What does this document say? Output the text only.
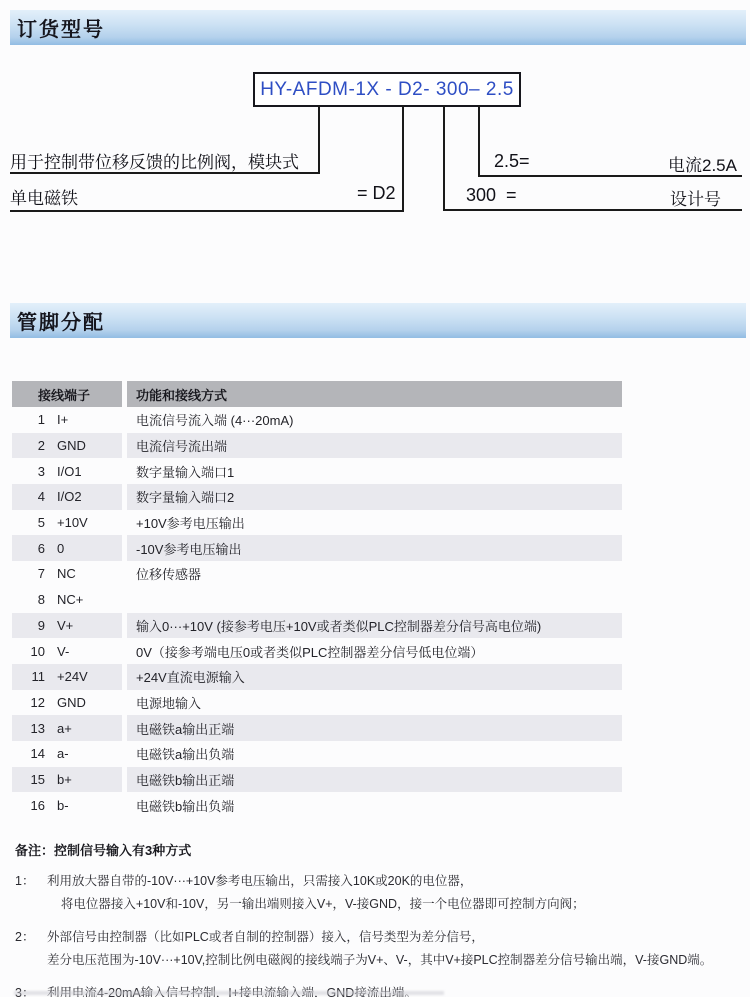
订货型号
HY-AFDM-1X - D2- 300– 2.5
用于控制带位移反馈的比例阀，模块式
单电磁铁	= D2
2.5=	电流2.5A
300  =	设计号
管脚分配
接线端子	功能和接线方式
1 I+	电流信号流入端 (4···20mA)
2 GND	电流信号流出端
3 I/O1	数字量输入端口1
4 I/O2	数字量输入端口2
5 +10V	+10V参考电压输出
6 0	-10V参考电压输出
7 NC	位移传感器
8 NC+
9 V+	输入0···+10V (接参考电压+10V或者类似PLC控制器差分信号高电位端)
10 V-	0V（接参考端电压0或者类似PLC控制器差分信号低电位端）
11 +24V	+24V直流电源输入
12 GND	电源地输入
13 a+	电磁铁a输出正端
14 a-	电磁铁a输出负端
15 b+	电磁铁b输出正端
16 b-	电磁铁b输出负端
备注：控制信号输入有3种方式
1：	利用放大器自带的-10V···+10V参考电压输出，只需接入10K或20K的电位器，
将电位器接入+10V和-10V，另一输出端则接入V+，V-接GND，接一个电位器即可控制方向阀；
2：	外部信号由控制器（比如PLC或者自制的控制器）接入，信号类型为差分信号，
差分电压范围为-10V···+10V,控制比例电磁阀的接线端子为V+、V-，其中V+接PLC控制器差分信号输出端，V-接GND端。
